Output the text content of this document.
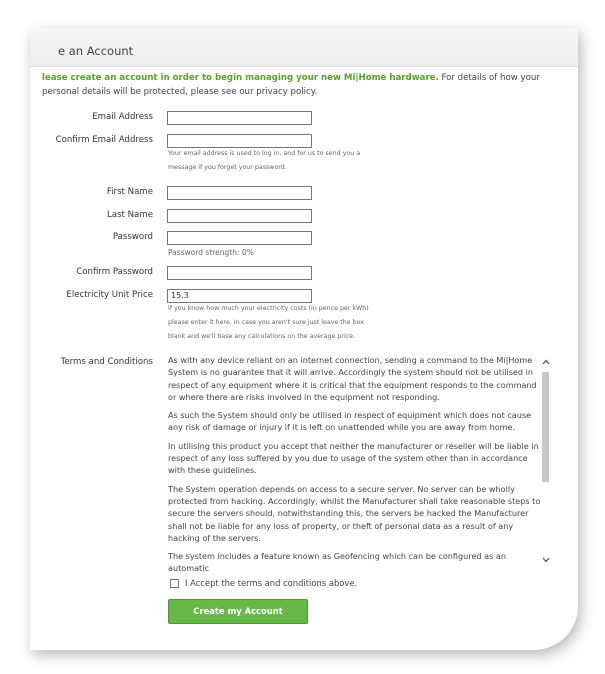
e an Account
lease create an account in order to begin managing your new Mi|Home hardware. For details of how your personal details will be protected, please see our privacy policy.
Email Address
Confirm Email Address
Your email address is used to log in, and for us to send you a
message if you forget your password.
First Name
Last Name
Password
Password strength: 0%
Confirm Password
Electricity Unit Price	15.3
If you know how much your electricity costs (in pence per kWh)
please enter it here. In case you aren't sure just leave the box
blank and we'll base any calculations on the average price.
Terms and Conditions As with any device reliant on an internet connection, sending a command to the Mi|Home System is no guarantee that it will arrive. Accordingly the system should not be utilised in respect of any equipment where it is critical that the equipment responds to the command or where there are risks involved in the equipment not responding.

As such the System should only be utilised in respect of equipment which does not cause any risk of damage or injury if it is left on unattended while you are away from home.

In utilising this product you accept that neither the manufacturer or reseller will be liable in respect of any loss suffered by you due to usage of the system other than in accordance with these guidelines.

The System operation depends on access to a secure server. No server can be wholly protected from hacking. Accordingly, whilst the Manufacturer shall take reasonable steps to secure the servers should, notwithstanding this, the servers be hacked the Manufacturer shall not be liable for any loss of property, or theft of personal data as a result of any hacking of the servers.

The system includes a feature known as Geofencing which can be configured as an automatic

I Accept the terms and conditions above.
Create my Account
